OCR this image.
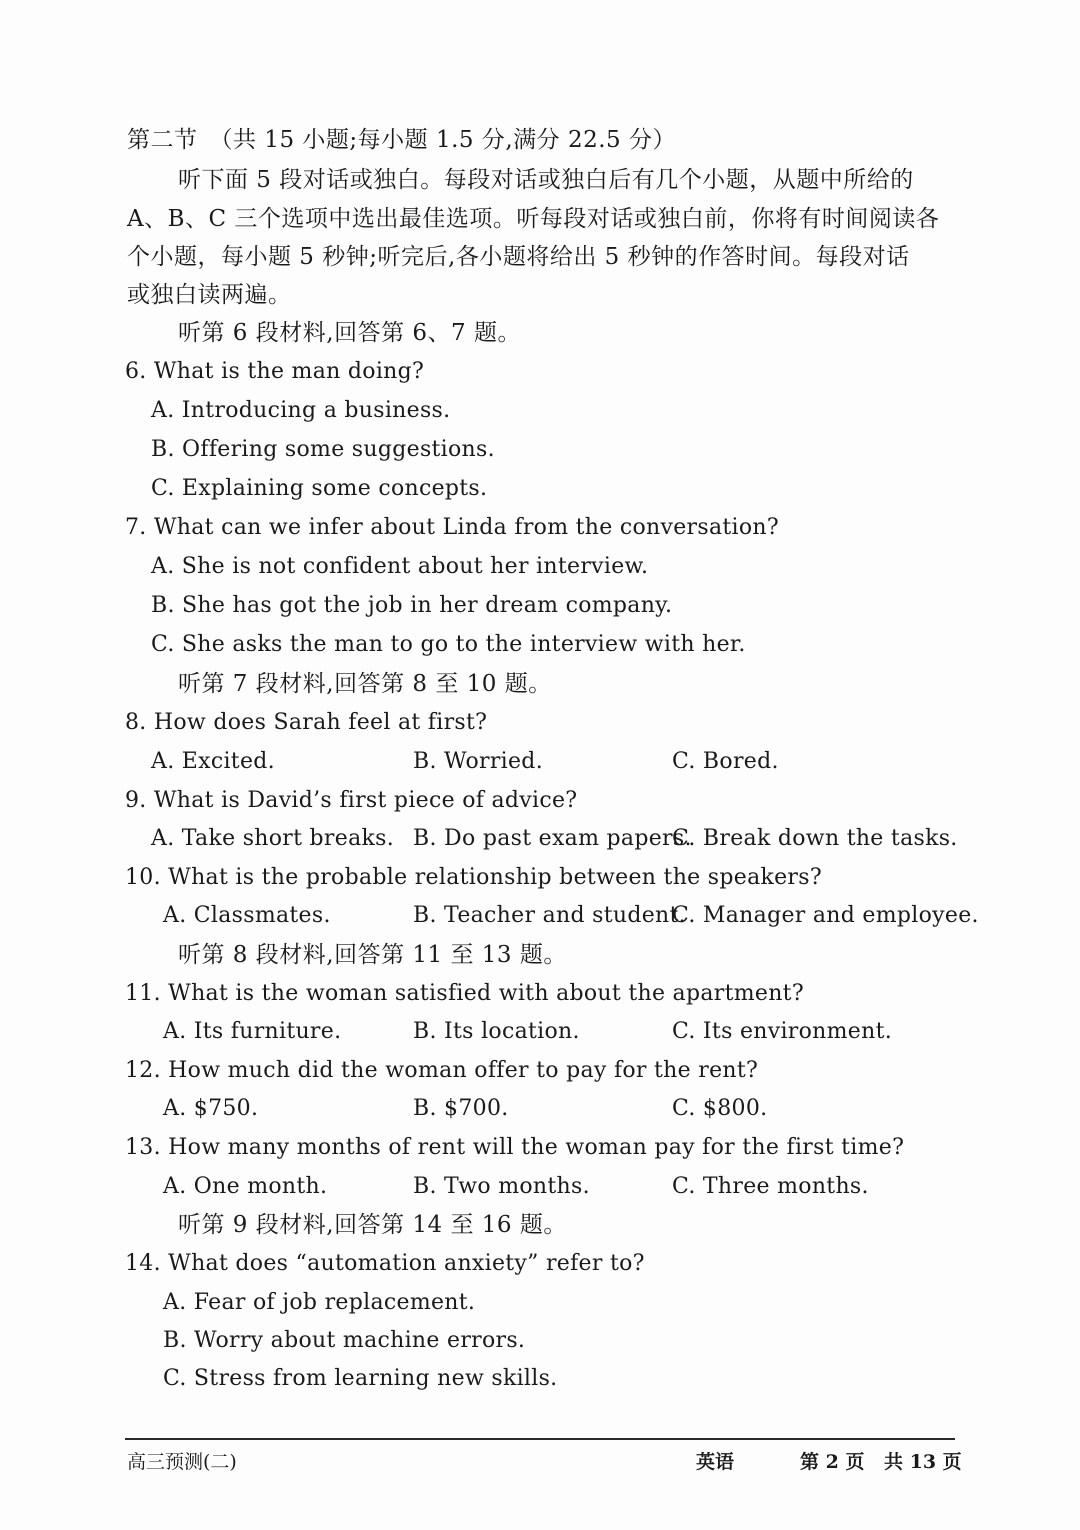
第二节　（共 15 小题;每小题 1.5 分,满分 22.5 分）
听下面 5 段对话或独白。每段对话或独白后有几个小题，从题中所给的
A、B、C 三个选项中选出最佳选项。听每段对话或独白前，你将有时间阅读各
个小题，每小题 5 秒钟;听完后,各小题将给出 5 秒钟的作答时间。每段对话
或独白读两遍。
听第 6 段材料,回答第 6、7 题。
6. What is the man doing?
A. Introducing a business.
B. Offering some suggestions.
C. Explaining some concepts.
7. What can we infer about Linda from the conversation?
A. She is not confident about her interview.
B. She has got the job in her dream company.
C. She asks the man to go to the interview with her.
听第 7 段材料,回答第 8 至 10 题。
8. How does Sarah feel at first?
A. Excited.	B. Worried.	C. Bored.
9. What is David’s first piece of advice?
A. Take short breaks. B. Do past exam papers.
C. Break down the tasks.
10. What is the probable relationship between the speakers?
A. Classmates.	B. Teacher and student.
C. Manager and employee.
听第 8 段材料,回答第 11 至 13 题。
11. What is the woman satisfied with about the apartment?
A. Its furniture.	B. Its location.	C. Its environment.
12. How much did the woman offer to pay for the rent?
A. $750.	B. $700.	C. $800.
13. How many months of rent will the woman pay for the first time?
A. One month.	B. Two months.	C. Three months.
听第 9 段材料,回答第 14 至 16 题。
14. What does “automation anxiety” refer to?
A. Fear of job replacement.
B. Worry about machine errors.
C. Stress from learning new skills.
高三预测(二)	英语	第 2 页 共 13 页
